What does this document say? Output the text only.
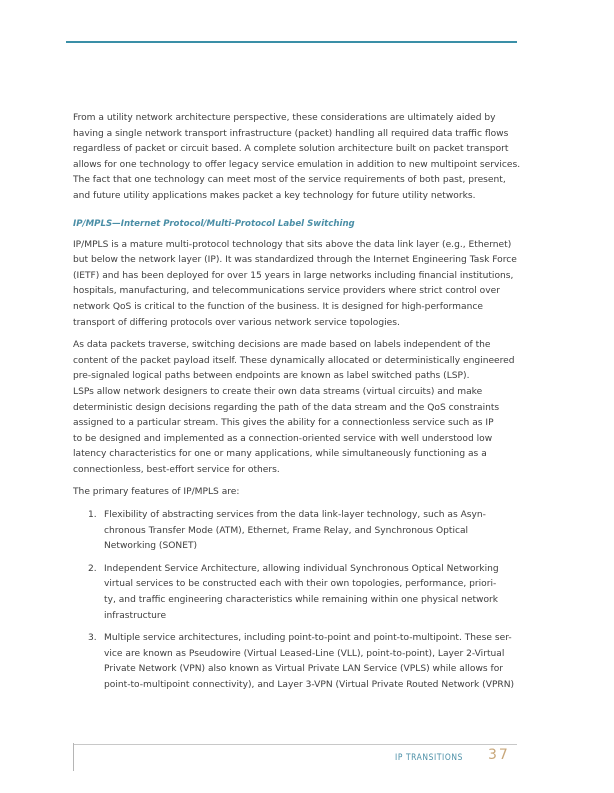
From a utility network architecture perspective, these considerations are ultimately aided by
having a single network transport infrastructure (packet) handling all required data traffic flows
regardless of packet or circuit based. A complete solution architecture built on packet transport
allows for one technology to offer legacy service emulation in addition to new multipoint services.
The fact that one technology can meet most of the service requirements of both past, present,
and future utility applications makes packet a key technology for future utility networks.

IP/MPLS—Internet Protocol/Multi-Protocol Label Switching

IP/MPLS is a mature multi-protocol technology that sits above the data link layer (e.g., Ethernet)
but below the network layer (IP). It was standardized through the Internet Engineering Task Force
(IETF) and has been deployed for over 15 years in large networks including financial institutions,
hospitals, manufacturing, and telecommunications service providers where strict control over
network QoS is critical to the function of the business. It is designed for high-performance
transport of differing protocols over various network service topologies.

As data packets traverse, switching decisions are made based on labels independent of the
content of the packet payload itself. These dynamically allocated or deterministically engineered
pre-signaled logical paths between endpoints are known as label switched paths (LSP).
LSPs allow network designers to create their own data streams (virtual circuits) and make
deterministic design decisions regarding the path of the data stream and the QoS constraints
assigned to a particular stream. This gives the ability for a connectionless service such as IP
to be designed and implemented as a connection-oriented service with well understood low
latency characteristics for one or many applications, while simultaneously functioning as a
connectionless, best-effort service for others.

The primary features of IP/MPLS are:

1. Flexibility of abstracting services from the data link-layer technology, such as Asyn-
chronous Transfer Mode (ATM), Ethernet, Frame Relay, and Synchronous Optical
Networking (SONET)

2. Independent Service Architecture, allowing individual Synchronous Optical Networking
virtual services to be constructed each with their own topologies, performance, priori-
ty, and traffic engineering characteristics while remaining within one physical network
infrastructure

3. Multiple service architectures, including point-to-point and point-to-multipoint. These ser-
vice are known as Pseudowire (Virtual Leased-Line (VLL), point-to-point), Layer 2-Virtual
Private Network (VPN) also known as Virtual Private LAN Service (VPLS) while allows for
point-to-multipoint connectivity), and Layer 3-VPN (Virtual Private Routed Network (VPRN)

IP TRANSITIONS 37
